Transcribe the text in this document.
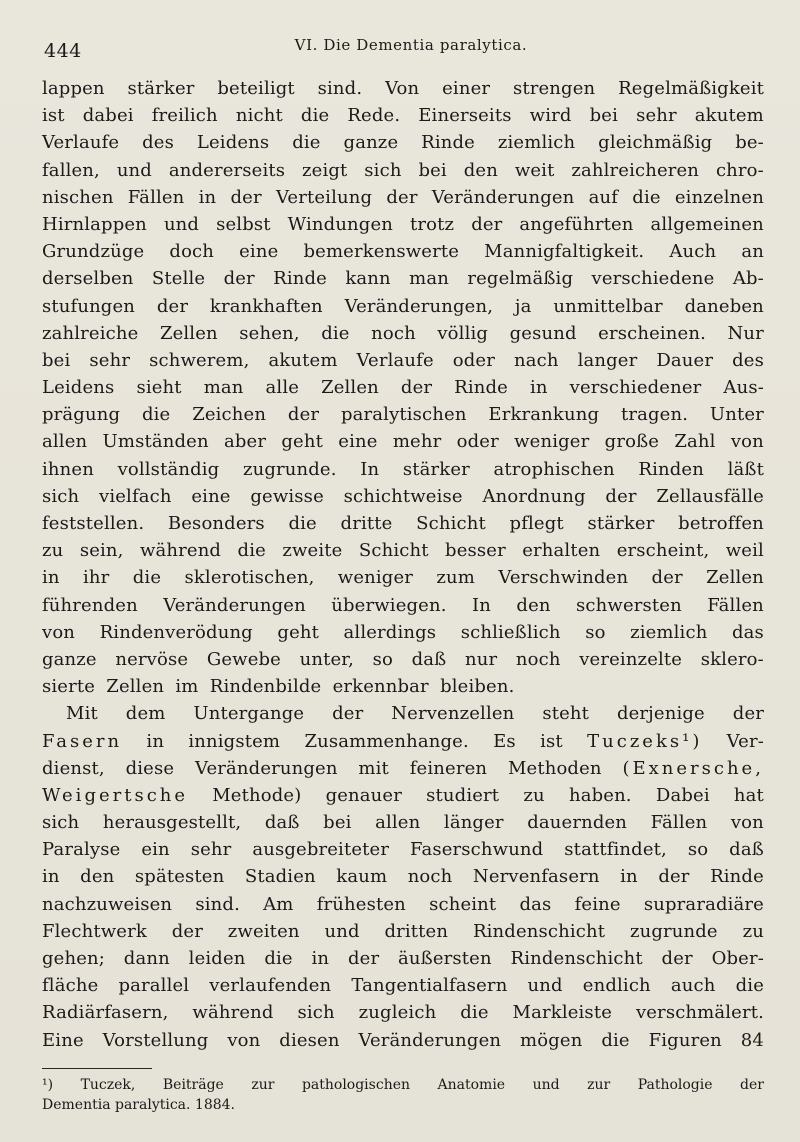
444	VI. Die Dementia paralytica.
lappen stärker beteiligt sind. Von einer strengen Regelmäßigkeit
ist dabei freilich nicht die Rede. Einerseits wird bei sehr akutem
Verlaufe des Leidens die ganze Rinde ziemlich gleichmäßig be-
fallen, und andererseits zeigt sich bei den weit zahlreicheren chro-
nischen Fällen in der Verteilung der Veränderungen auf die einzelnen
Hirnlappen und selbst Windungen trotz der angeführten allgemeinen
Grundzüge doch eine bemerkenswerte Mannigfaltigkeit. Auch an
derselben Stelle der Rinde kann man regelmäßig verschiedene Ab-
stufungen der krankhaften Veränderungen, ja unmittelbar daneben
zahlreiche Zellen sehen, die noch völlig gesund erscheinen. Nur
bei sehr schwerem, akutem Verlaufe oder nach langer Dauer des
Leidens sieht man alle Zellen der Rinde in verschiedener Aus-
prägung die Zeichen der paralytischen Erkrankung tragen. Unter
allen Umständen aber geht eine mehr oder weniger große Zahl von
ihnen vollständig zugrunde. In stärker atrophischen Rinden läßt
sich vielfach eine gewisse schichtweise Anordnung der Zellausfälle
feststellen. Besonders die dritte Schicht pflegt stärker betroffen
zu sein, während die zweite Schicht besser erhalten erscheint, weil
in ihr die sklerotischen, weniger zum Verschwinden der Zellen
führenden Veränderungen überwiegen. In den schwersten Fällen
von Rindenverödung geht allerdings schließlich so ziemlich das
ganze nervöse Gewebe unter, so daß nur noch vereinzelte sklero-
sierte Zellen im Rindenbilde erkennbar bleiben.
Mit dem Untergange der Nervenzellen steht derjenige der
Fasern in innigstem Zusammenhange. Es ist Tuczeks¹) Ver-
dienst, diese Veränderungen mit feineren Methoden (Exnersche,
Weigertsche Methode) genauer studiert zu haben. Dabei hat
sich herausgestellt, daß bei allen länger dauernden Fällen von
Paralyse ein sehr ausgebreiteter Faserschwund stattfindet, so daß
in den spätesten Stadien kaum noch Nervenfasern in der Rinde
nachzuweisen sind. Am frühesten scheint das feine supraradiäre
Flechtwerk der zweiten und dritten Rindenschicht zugrunde zu
gehen; dann leiden die in der äußersten Rindenschicht der Ober-
fläche parallel verlaufenden Tangentialfasern und endlich auch die
Radiärfasern, während sich zugleich die Markleiste verschmälert.
Eine Vorstellung von diesen Veränderungen mögen die Figuren 84
¹) Tuczek, Beiträge zur pathologischen Anatomie und zur Pathologie der
Dementia paralytica. 1884.
